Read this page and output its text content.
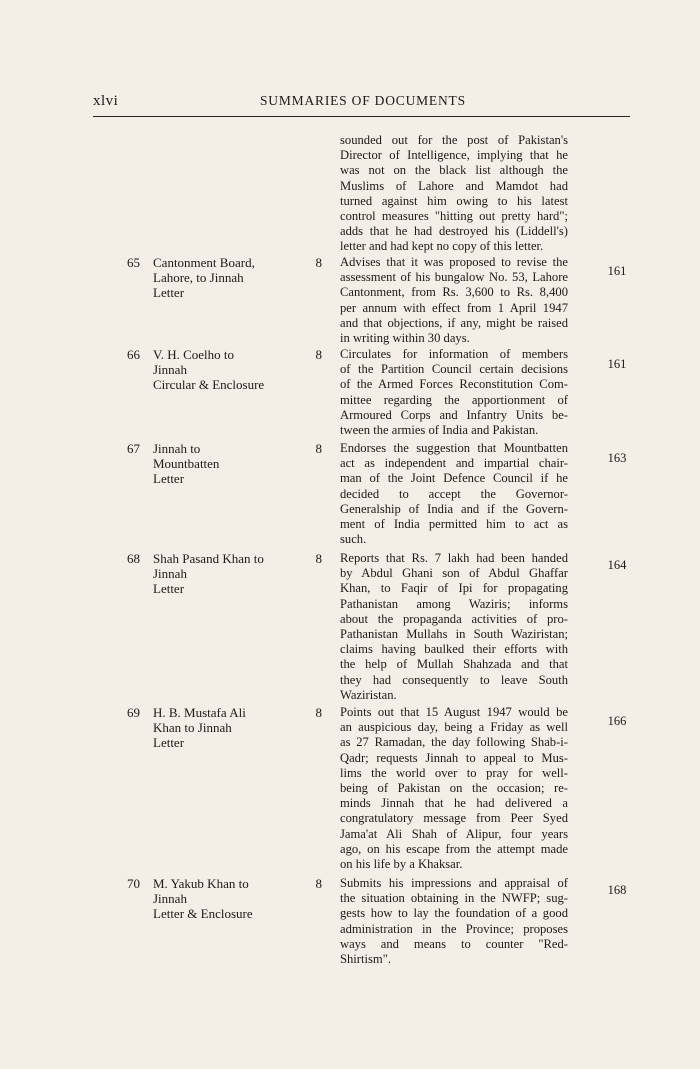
xlvi	SUMMARIES OF DOCUMENTS
sounded out for the post of Pakistan's
Director of Intelligence, implying that he
was not on the black list although the
Muslims of Lahore and Mamdot had
turned against him owing to his latest
control measures "hitting out pretty hard";
adds that he had destroyed his (Liddell's)
letter and had kept no copy of this letter.
65 Cantonment Board,
Lahore, to Jinnah
Letter
8 Advises that it was proposed to revise the
assessment of his bungalow No. 53, Lahore
Cantonment, from Rs. 3,600 to Rs. 8,400
per annum with effect from 1 April 1947
and that objections, if any, might be raised
in writing within 30 days.
161
66 V. H. Coelho to
Jinnah
Circular & Enclosure
8 Circulates for information of members
of the Partition Council certain decisions
of the Armed Forces Reconstitution Com-
mittee regarding the apportionment of
Armoured Corps and Infantry Units be-
tween the armies of India and Pakistan.
161
67 Jinnah to
Mountbatten
Letter
8 Endorses the suggestion that Mountbatten
act as independent and impartial chair-
man of the Joint Defence Council if he
decided to accept the Governor-
Generalship of India and if the Govern-
ment of India permitted him to act as
such.
163
68 Shah Pasand Khan to
Jinnah
Letter
8 Reports that Rs. 7 lakh had been handed
by Abdul Ghani son of Abdul Ghaffar
Khan, to Faqir of Ipi for propagating
Pathanistan among Waziris; informs
about the propaganda activities of pro-
Pathanistan Mullahs in South Waziristan;
claims having baulked their efforts with
the help of Mullah Shahzada and that
they had consequently to leave South
Waziristan.
164
69 H. B. Mustafa Ali
Khan to Jinnah
Letter
8 Points out that 15 August 1947 would be
an auspicious day, being a Friday as well
as 27 Ramadan, the day following Shab-i-
Qadr; requests Jinnah to appeal to Mus-
lims the world over to pray for well-
being of Pakistan on the occasion; re-
minds Jinnah that he had delivered a
congratulatory message from Peer Syed
Jama'at Ali Shah of Alipur, four years
ago, on his escape from the attempt made
on his life by a Khaksar.
166
70 M. Yakub Khan to
Jinnah
Letter & Enclosure
8 Submits his impressions and appraisal of
the situation obtaining in the NWFP; sug-
gests how to lay the foundation of a good
administration in the Province; proposes
ways and means to counter "Red-
Shirtism".
168
